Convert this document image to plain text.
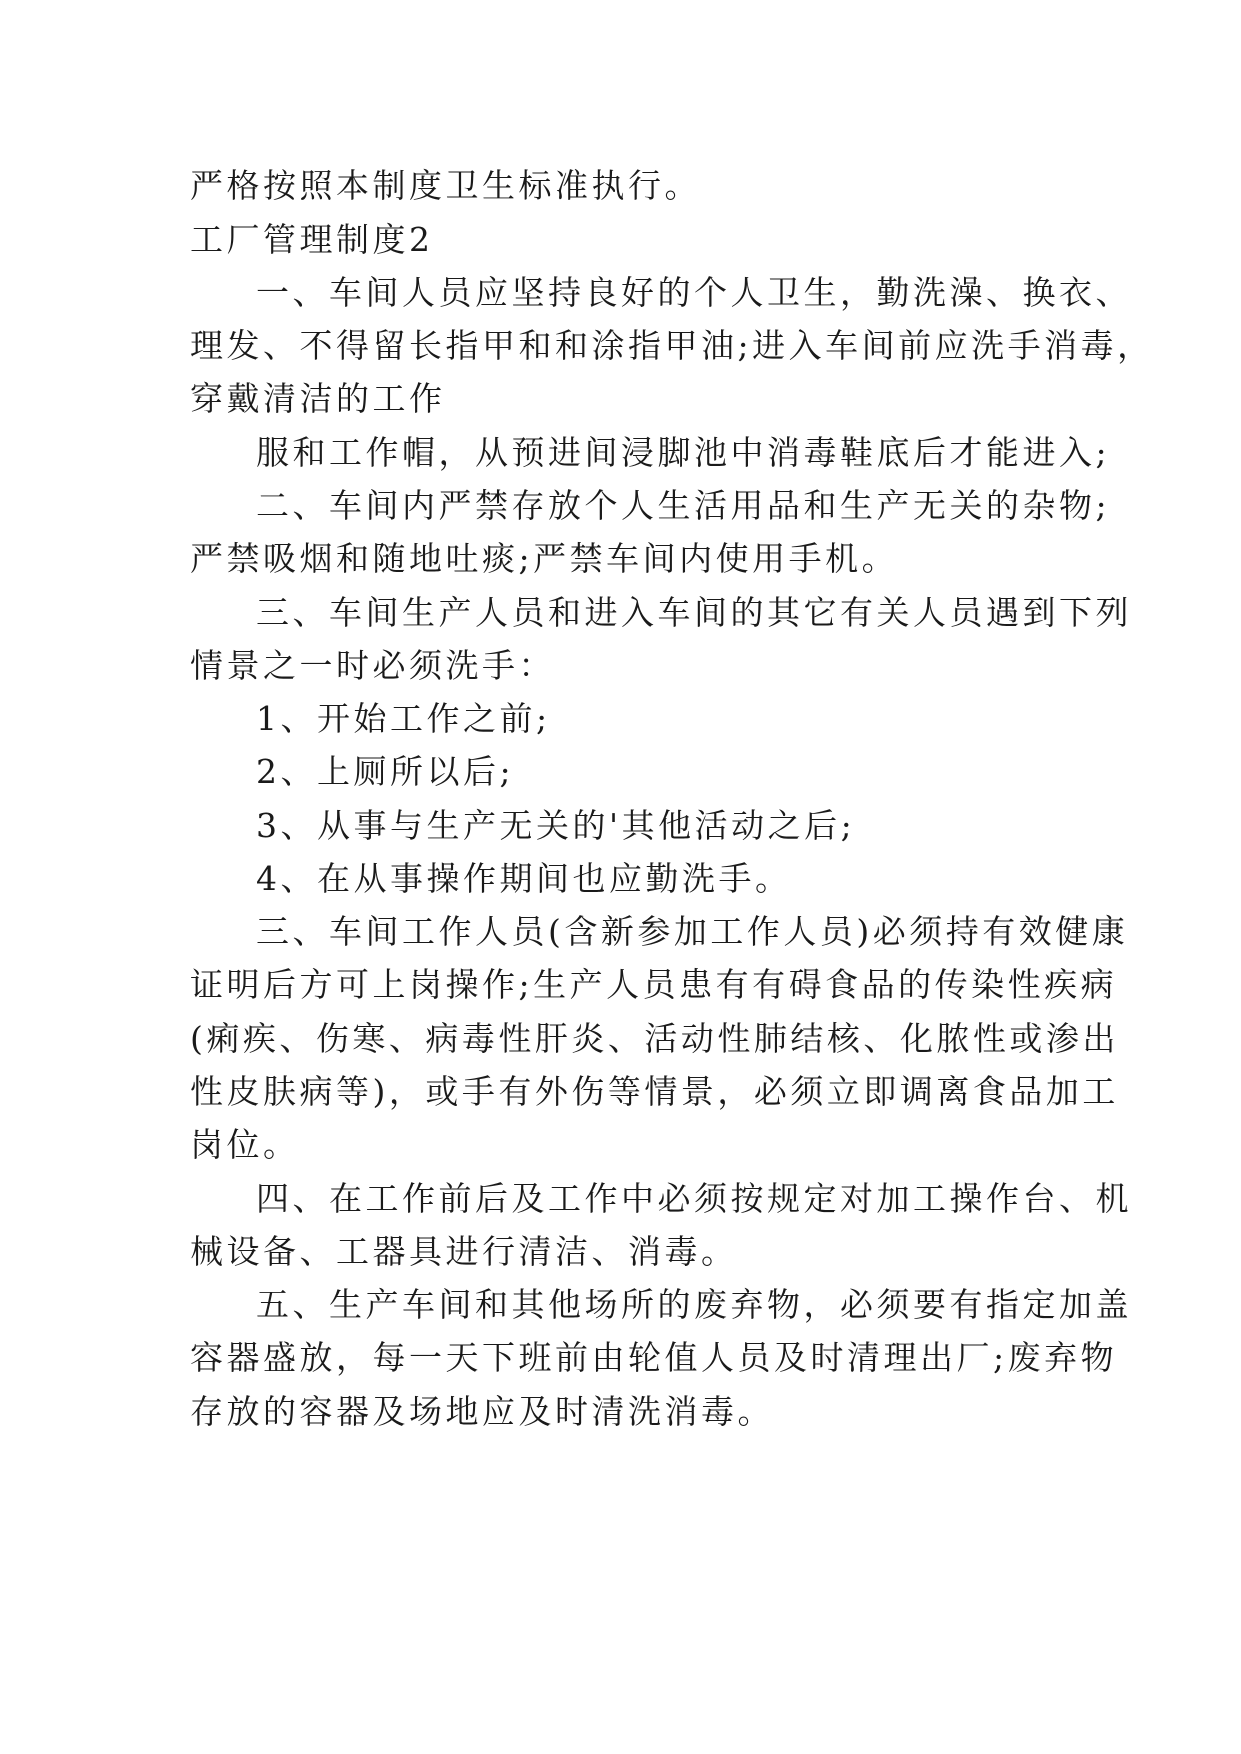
严格按照本制度卫生标准执行。

工厂管理制度2

一、车间人员应坚持良好的个人卫生，勤洗澡、换衣、

理发、不得留长指甲和和涂指甲油;进入车间前应洗手消毒，

穿戴清洁的工作

服和工作帽，从预进间浸脚池中消毒鞋底后才能进入;

二、车间内严禁存放个人生活用品和生产无关的杂物;

严禁吸烟和随地吐痰;严禁车间内使用手机。

三、车间生产人员和进入车间的其它有关人员遇到下列

情景之一时必须洗手：

1、开始工作之前;

2、上厕所以后;

3、从事与生产无关的'其他活动之后;

4、在从事操作期间也应勤洗手。

三、车间工作人员(含新参加工作人员)必须持有效健康

证明后方可上岗操作;生产人员患有有碍食品的传染性疾病

(痢疾、伤寒、病毒性肝炎、活动性肺结核、化脓性或渗出

性皮肤病等)，或手有外伤等情景，必须立即调离食品加工

岗位。

四、在工作前后及工作中必须按规定对加工操作台、机

械设备、工器具进行清洁、消毒。

五、生产车间和其他场所的废弃物，必须要有指定加盖

容器盛放，每一天下班前由轮值人员及时清理出厂;废弃物

存放的容器及场地应及时清洗消毒。
